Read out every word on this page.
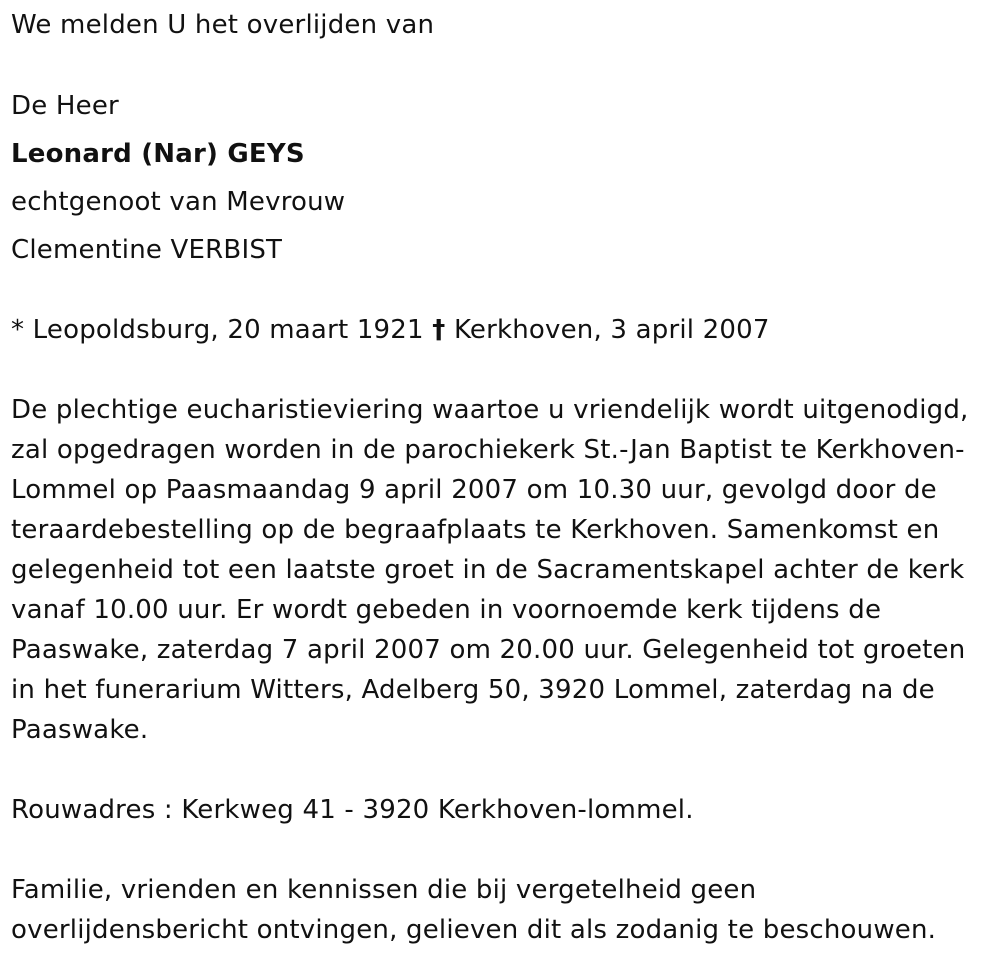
We melden U het overlijden van
De Heer
Leonard (Nar) GEYS
echtgenoot van Mevrouw
Clementine VERBIST
* Leopoldsburg, 20 maart 1921 † Kerkhoven, 3 april 2007
De plechtige eucharistieviering waartoe u vriendelijk wordt uitgenodigd,
zal opgedragen worden in de parochiekerk St.-Jan Baptist te Kerkhoven-
Lommel op Paasmaandag 9 april 2007 om 10.30 uur, gevolgd door de
teraardebestelling op de begraafplaats te Kerkhoven. Samenkomst en
gelegenheid tot een laatste groet in de Sacramentskapel achter de kerk
vanaf 10.00 uur. Er wordt gebeden in voornoemde kerk tijdens de
Paaswake, zaterdag 7 april 2007 om 20.00 uur. Gelegenheid tot groeten
in het funerarium Witters, Adelberg 50, 3920 Lommel, zaterdag na de
Paaswake.
Rouwadres : Kerkweg 41 - 3920 Kerkhoven-lommel.
Familie, vrienden en kennissen die bij vergetelheid geen
overlijdensbericht ontvingen, gelieven dit als zodanig te beschouwen.
